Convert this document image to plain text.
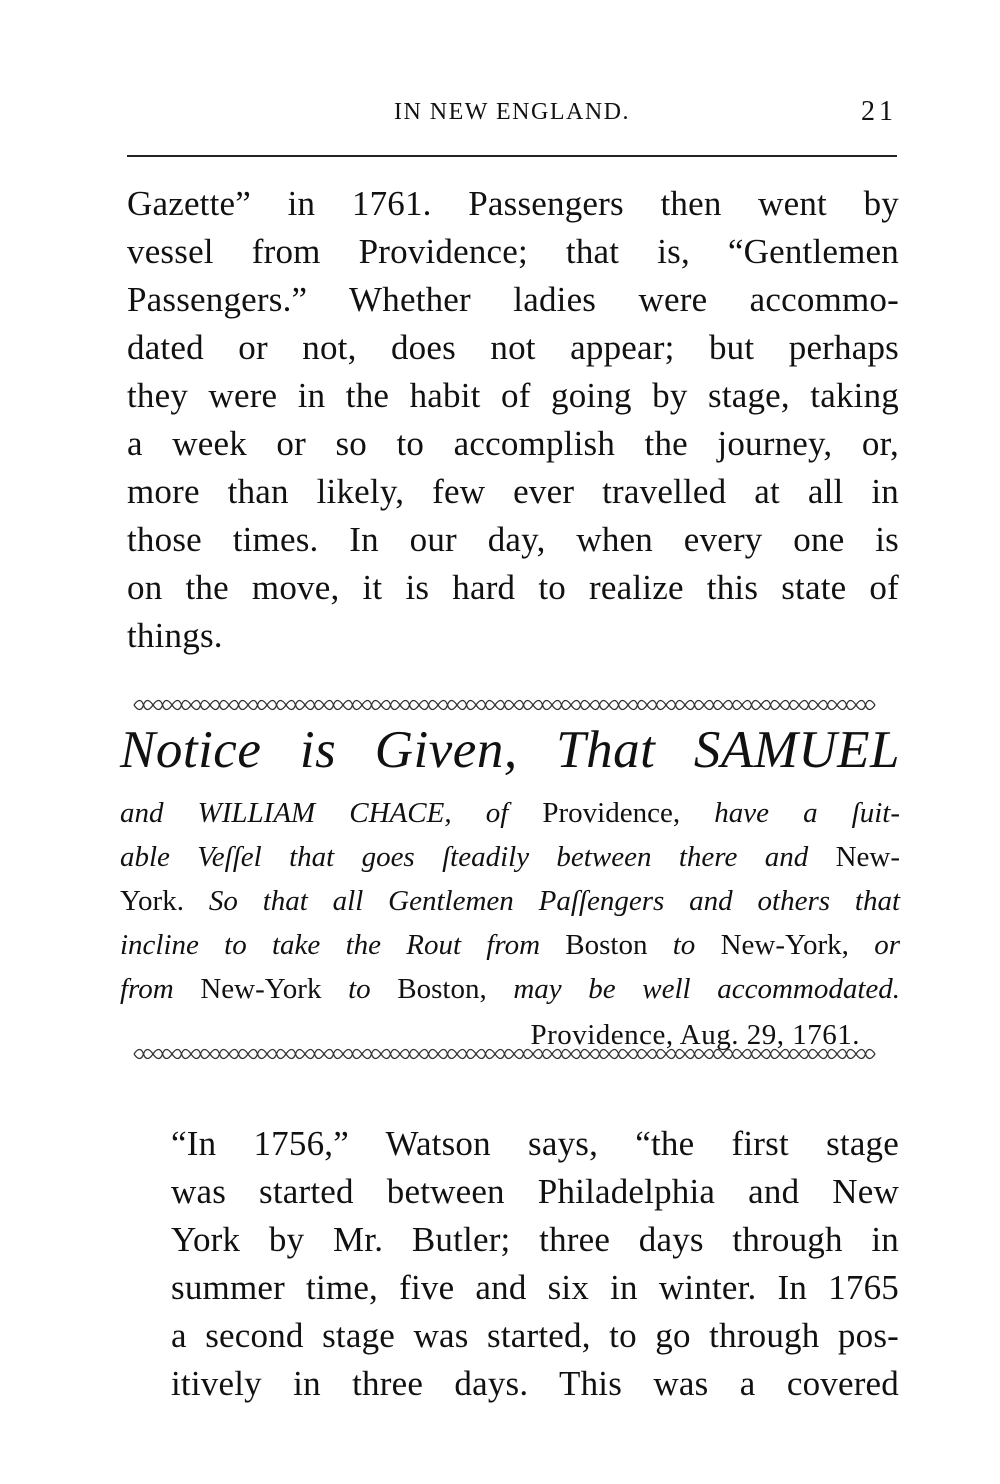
IN NEW ENGLAND.	21

Gazette” in 1761. Passengers then went by
vessel from Providence; that is, “Gentlemen
Passengers.” Whether ladies were accommo-
dated or not, does not appear; but perhaps
they were in the habit of going by stage, taking
a week or so to accomplish the journey, or,
more than likely, few ever travelled at all in
those times. In our day, when every one is
on the move, it is hard to realize this state of
things.

Notice is Given, That SAMUEL
and WILLIAM CHACE, of Providence, have a ſuit-
able Veſſel that goes ſteadily between there and New-
York. So that all Gentlemen Paſſengers and others that
incline to take the Rout from Boston to New-York, or
from New-York to Boston, may be well accommodated.
Providence, Aug. 29, 1761.

“In 1756,” Watson says, “the first stage
was started between Philadelphia and New
York by Mr. Butler; three days through in
summer time, five and six in winter. In 1765
a second stage was started, to go through pos-
itively in three days. This was a covered
